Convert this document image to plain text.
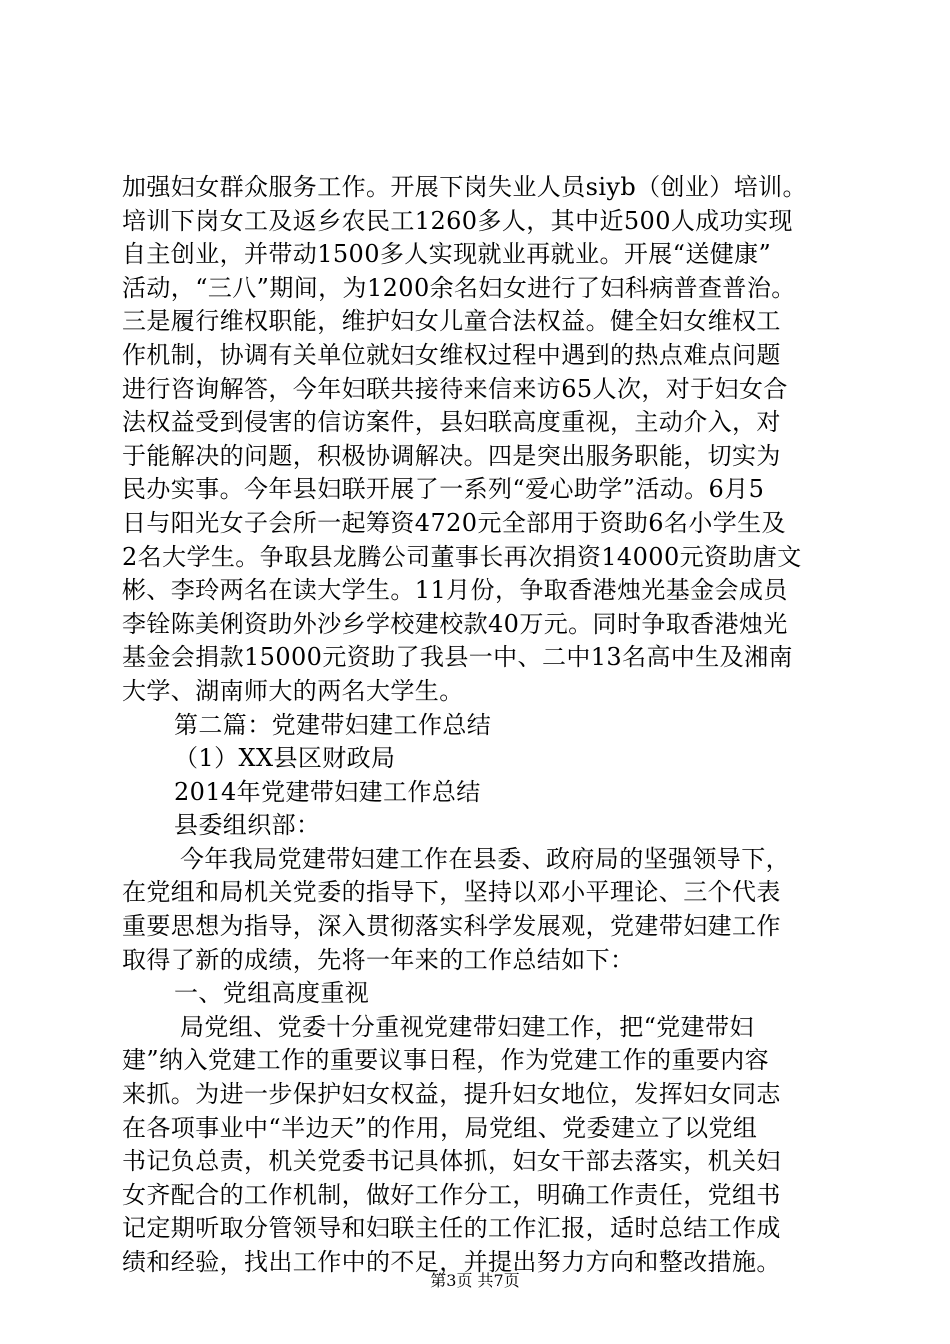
加强妇女群众服务工作。开展下岗失业人员siyb（创业）培训。
培训下岗女工及返乡农民工1260多人，其中近500人成功实现
自主创业，并带动1500多人实现就业再就业。开展“送健康”
活动，“三八”期间，为1200余名妇女进行了妇科病普查普治。
三是履行维权职能，维护妇女儿童合法权益。健全妇女维权工
作机制，协调有关单位就妇女维权过程中遇到的热点难点问题
进行咨询解答，今年妇联共接待来信来访65人次，对于妇女合
法权益受到侵害的信访案件，县妇联高度重视，主动介入，对
于能解决的问题，积极协调解决。四是突出服务职能，切实为
民办实事。今年县妇联开展了一系列“爱心助学”活动。6月5
日与阳光女子会所一起筹资4720元全部用于资助6名小学生及
2名大学生。争取县龙腾公司董事长再次捐资14000元资助唐文
彬、李玲两名在读大学生。11月份，争取香港烛光基金会成员
李铨陈美俐资助外沙乡学校建校款40万元。同时争取香港烛光
基金会捐款15000元资助了我县一中、二中13名高中生及湘南
大学、湖南师大的两名大学生。
第二篇：党建带妇建工作总结
（1）XX县区财政局
2014年党建带妇建工作总结
县委组织部：
今年我局党建带妇建工作在县委、政府局的坚强领导下，
在党组和局机关党委的指导下，坚持以邓小平理论、三个代表
重要思想为指导，深入贯彻落实科学发展观，党建带妇建工作
取得了新的成绩，先将一年来的工作总结如下：
一、党组高度重视
局党组、党委十分重视党建带妇建工作，把“党建带妇
建”纳入党建工作的重要议事日程，作为党建工作的重要内容
来抓。为进一步保护妇女权益，提升妇女地位，发挥妇女同志
在各项事业中“半边天”的作用，局党组、党委建立了以党组
书记负总责，机关党委书记具体抓，妇女干部去落实，机关妇
女齐配合的工作机制，做好工作分工，明确工作责任，党组书
记定期听取分管领导和妇联主任的工作汇报，适时总结工作成
绩和经验，找出工作中的不足，并提出努力方向和整改措施。
第3页 共7页
